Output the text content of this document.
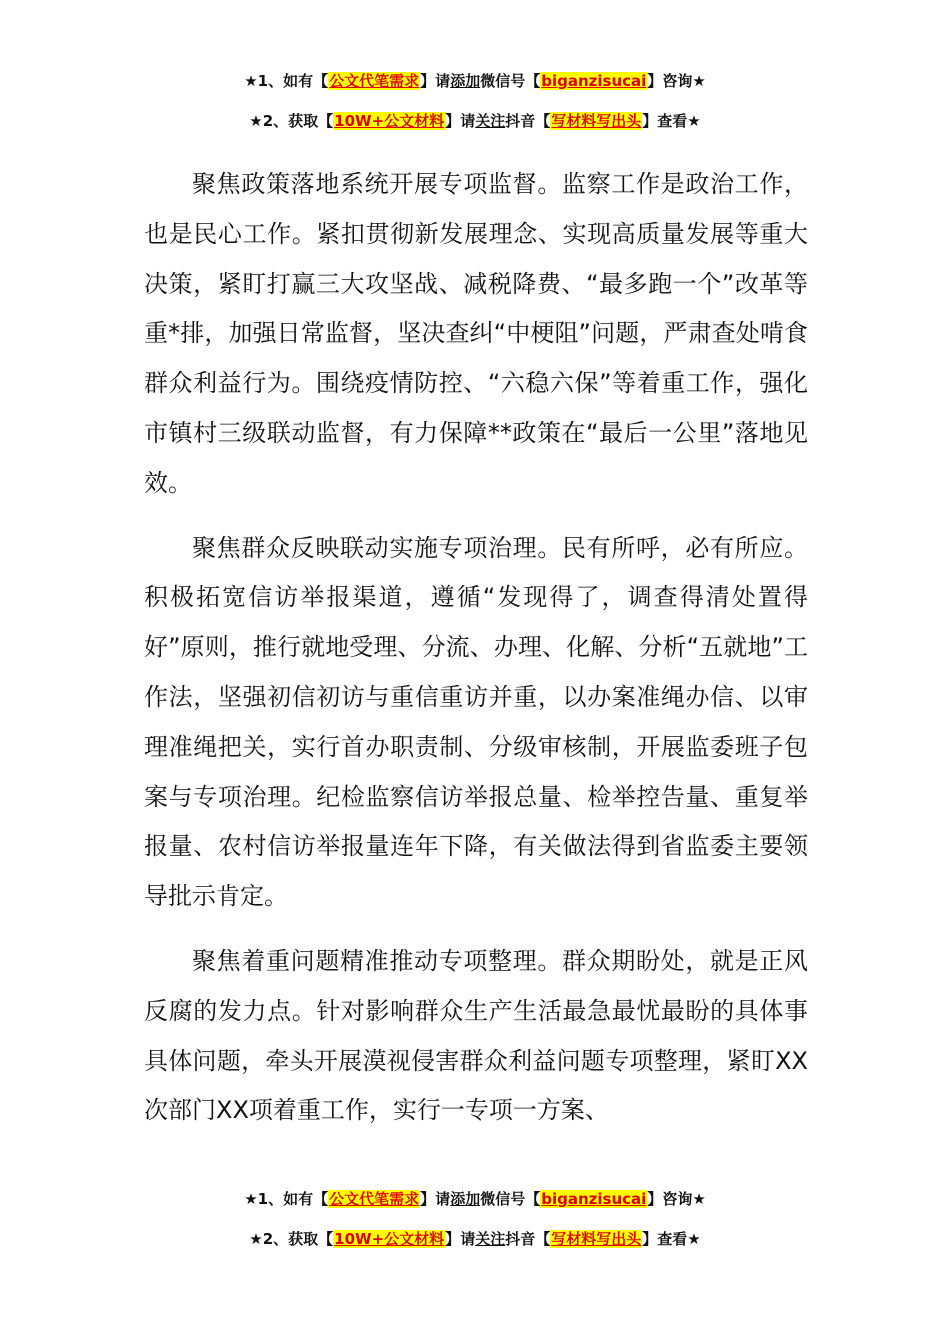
★1、如有【公文代笔需求】请添加微信号【biganzisucai】咨询★
★2、获取【10W+公文材料】请关注抖音【写材料写出头】查看★

聚焦政策落地系统开展专项监督。监察工作是政治工作，也是民心工作。紧扣贯彻新发展理念、实现高质量发展等重大决策，紧盯打赢三大攻坚战、减税降费、“最多跑一个”改革等重*排，加强日常监督，坚决查纠“中梗阻”问题，严肃查处啃食群众利益行为。围绕疫情防控、“六稳六保”等着重工作，强化市镇村三级联动监督，有力保障**政策在“最后一公里”落地见效。

聚焦群众反映联动实施专项治理。民有所呼，必有所应。积极拓宽信访举报渠道，遵循“发现得了，调查得清处置得好”原则，推行就地受理、分流、办理、化解、分析“五就地”工作法，坚强初信初访与重信重访并重，以办案准绳办信、以审理准绳把关，实行首办职责制、分级审核制，开展监委班子包案与专项治理。纪检监察信访举报总量、检举控告量、重复举报量、农村信访举报量连年下降，有关做法得到省监委主要领导批示肯定。

聚焦着重问题精准推动专项整理。群众期盼处，就是正风反腐的发力点。针对影响群众生产生活最急最忧最盼的具体事具体问题，牵头开展漠视侵害群众利益问题专项整理，紧盯XX次部门XX项着重工作，实行一专项一方案、

★1、如有【公文代笔需求】请添加微信号【biganzisucai】咨询★
★2、获取【10W+公文材料】请关注抖音【写材料写出头】查看★
